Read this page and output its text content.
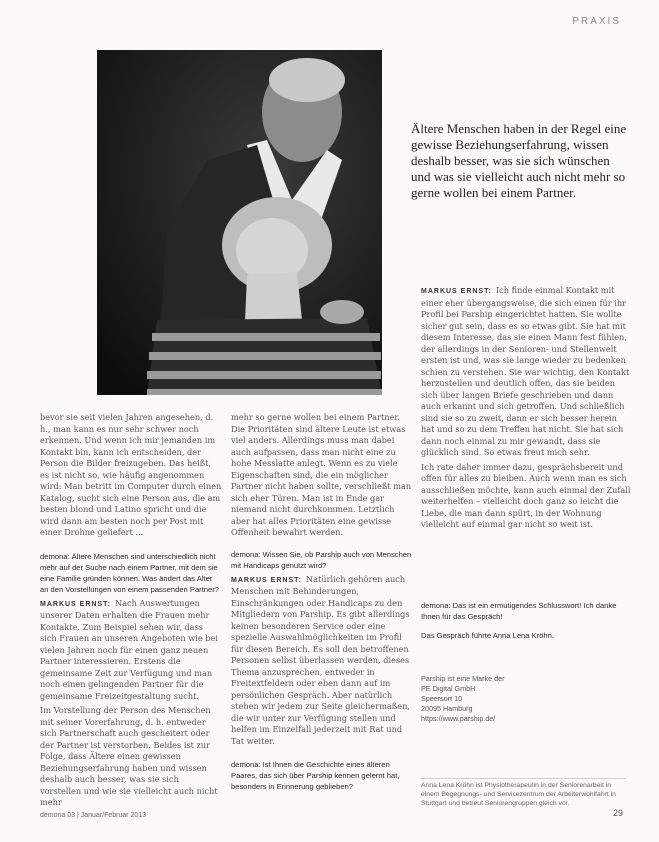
PRAXIS
Ältere Menschen haben in der Regel eine gewisse Beziehungserfahrung, wissen deshalb besser, was sie sich wünschen und was sie vielleicht auch nicht mehr so gerne wollen bei einem Partner.

MARKUS ERNST: Ich finde einmal Kontakt mit einer eher übergangsweise, die sich einen für ihr Profil bei Parship eingerichtet hatten. Sie wollte sicher gut sein, dass es so etwas gibt. Sie hat mit diesem Interesse, das sie einen Mann fest fühlen, der allerdings in der Senioren- und Stellenwelt ersten ist und, was sie lange wieder zu bedenken schien zu verstehen. Sie war wichtig, den Kontakt herzustellen und deutlich offen, das sie beiden sich über langen Briefe geschrieben und dann auch erkannt und sich getroffen. Und schließlich sind sie so zu zweit, dann er sich besser herein hat und so zu dem Treffen hat nicht. Sie hat sich dann noch einmal zu mir gewandt, dass sie glücklich sind. So etwas freut mich sehr.

Ich rate daher immer dazu, gesprächsbereit und offen für alles zu bleiben. Auch wenn man es sich ausschließen möchte, kann auch einmal der Zufall weiterhelfen – vielleicht doch ganz so leicht die Liebe, die man dann spürt, in der Wohnung vielleicht auf einmal gar nicht so weit ist.

bevor sie seit vielen Jahren angesehen, d. h., man kann es nur sehr schwer noch erkennen. Und wenn ich mir jemanden im Kontakt bin, kann ich entscheiden, der Person die Bilder freizugeben. Das heißt, es ist nicht so, wie häufig angenommen wird: Man betritt im Computer durch einen Katalog, sucht sich eine Person aus, die am besten blond und Latino spricht und die wird dann am besten noch per Post mit einer Drohne geliefert ...

demona: Ältere Menschen sind unterschiedlich nicht mehr auf der Suche nach einem Partner, mit dem sie eine Familie gründen können. Was ändert das Alter an den Vorstellungen von einem passenden Partner?

MARKUS ERNST: Nach Auswertungen unserer Daten erhalten die Frauen mehr Kontakte. Zum Beispiel sehen wir, dass sich Frauen an unseren Angeboten wie bei vielen Jahren noch für einen ganz neuen Partner interessieren. Erstens die gemeinsame Zeit zur Verfügung und man noch einen gelingenden Partner für die gemeinsame Freizeitgestaltung sucht.

Im Vorstellung der Person des Menschen mit seiner Vorerfahrung, d. h. entweder sich Partnerschaft auch gescheitert oder der Partner ist verstorben. Beides ist zur Folge, dass Ältere einen gewissen Beziehungserfahrung haben und wissen deshalb auch besser, was sie sich vorstellen und wie sie vielleicht auch nicht mehr

mehr so gerne wollen bei einem Partner. Die Prioritäten sind ältere Leute ist etwas viel anders. Allerdings muss man dabei auch aufpassen, dass man nicht eine zu hohe Messlatte anlegt. Wenn es zu viele Eigenschaften sind, die ein möglicher Partner nicht haben sollte, verschließt man sich eher Türen. Man ist in Ende gar niemand nicht durchkommen. Letztlich aber hat alles Prioritäten eine gewisse Offenheit bewahrt werden.

demona: Wissen Sie, ob Parship auch von Menschen mit Handicaps genutzt wird?

MARKUS ERNST: Natürlich gehören auch Menschen mit Behinderungen, Einschränkungen oder Handicaps zu den Mitgliedern von Parship. Es gibt allerdings keinen besonderen Service oder eine spezielle Auswahlmöglichkeiten im Profil für diesen Bereich. Es soll den betroffenen Personen selbst überlassen werden, dieses Thema anzusprechen, entweder in Freitextfeldern oder eben dann auf im persönlichen Gespräch. Aber natürlich stehen wir jedem zur Seite gleichermaßen, die wir unter zur Verfügung stellen und helfen im Einzelfall jederzeit mit Rat und Tat weiter.

demona: Ist Ihnen die Geschichte eines älteren Paares, das sich über Parship kennen gelernt hat, besonders in Erinnerung geblieben?

demona: Das ist ein ermutigendes Schlusswort! Ich danke Ihnen für das Gespräch!

Das Gespräch führte Anna Lena Kröhn.

Parship ist eine Marke der
PE Digital GmbH
Speersort 10
20095 Hamburg
https://www.parship.de/
Anna Lena Kröhn ist Physiotherapeutin in der Seniorenarbeit in einem Begegnungs- und Servicezentrum der Arbeiterwohlfahrt in Stuttgart und betreut Seniorengruppen gleich vor.
demona 03 | Januar/Februar 2013	29
